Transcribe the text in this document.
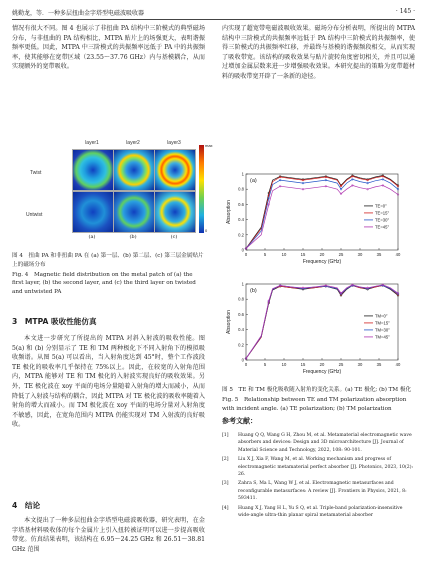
姚勤龙，等．一种多层扭曲金字塔型电磁波吸收器	· 145 ·

情况有很大不同。图 4 也展示了非扭曲 PA 结构中三阶模式的典型磁场分布，与非扭曲的 PA 结构相比，MTPA 贴片上的场强更大，表明谐振频率更低。因此，MTPA 中三阶模式的共振频率远低于 PA 中的共振频率，使其能够在宽带区域（23.55～37.76 GHz）内与基模耦合，从而实现额外的宽带吸收。

layer1	layer2	layer3
Twist
Untwist
max
0
(a)	(b)	(c)
图 4　扭曲 PA 和非扭曲 PA 在 (a) 第一层、(b) 第二层、(c) 第三层金属贴片上的磁场分布
Fig. 4　Magnetic field distribution on the metal patch of (a) the first layer, (b) the second layer, and (c) the third layer on twisted and untwisted PA
3　MTPA 吸收性能仿真

本文进一步研究了所提出的 MTPA 对斜入射波的吸收性能。图 5(a) 和 (b) 分别显示了 TE 和 TM 两种极化下不同入射角下的模拟吸收频谱。从图 5(a) 可以看出，当入射角度达到 45°时，整个工作波段 TE 极化的吸收率几乎保持在 75%以上。因此，在较宽的入射角范围内，MTPA 能够对 TE 和 TM 极化的入射波实现良好的吸收效果。另外，TE 极化波在 xoy 平面的电场分量随着入射角的增大而减小，从而降低了入射波与结构的耦合，因此 MTPA 对 TE 极化波的吸收率随着入射角的增大而减小。而 TM 极化波在 xoy 平面的电场分量对入射角度不敏感，因此，在宽角范围内 MTPA 仍能实现对 TM 入射波的良好吸收。

4　结论

本文提出了一种多层扭曲金字塔型电磁波吸收器，研究表明，在金字塔基材料吸收体的每个金属片上引入扭转被证明可以进一步提高吸收带宽。仿真结果表明，该结构在 6.95～24.25 GHz 和 26.51～38.81 GHz 范围

内实现了超宽带电磁波吸收效果。磁场分布分析表明，所提出的 MTPA 结构中三阶模式的共振频率远低于 PA 结构中三阶模式的共振频率，使得三阶模式的共振频率红移，并最终与基模的谐振频段相交，从而实现了吸收带宽。该结构的吸收效果与贴片旋转角度密切相关，并且可以通过增加金属层数来进一步增强吸收效果。本研究提出的策略为宽带超材料的吸收带宽开辟了一条新的途径。

(a)
0	5	10	15	20	25	30	35	40
0
0.2
0.4
0.6
0.8
1
Frequency (GHz)
Absorption	TE=0°
TE=15°
TE=30°
TE=45°
(b)
0	5	10	15	20	25	30	35	40
0
0.2
0.4
0.6
0.8
1
Frequency (GHz)
Absorption	TM=0°
TM=15°
TM=30°
TM=45°
图 5　TE 和 TM 极化吸收随入射角的变化关系。(a) TE 极化; (b) TM 极化
Fig. 5　Relationship between TE and TM polarization absorption with incident angle. (a) TE polarization; (b) TM polarization
参考文献：
[1] Huang Q Q, Wang G H, Zhou M, et al. Metamaterial electromagnetic wave absorbers and devices: Design and 3D microarchitecture [J]. Journal of Material Science and Technology, 2022, 108: 90-101.
[2] Liu X J, Xia F, Wang M, et al. Working mechanism and progress of electromagnetic metamaterial perfect absorber [J]. Photonics, 2023, 10(2): 26.
[3] Zahra S, Ma L, Wang W J, et al. Electromagnetic metasurfaces and reconfigurable metasurfaces: A review [J]. Frontiers in Physics, 2021, 8: 593411.
[4] Huang X J, Yang H L, Yu S Q, et al. Triple-band polarization-insensitive wide-angle ultra-thin planar spiral metamaterial absorber
